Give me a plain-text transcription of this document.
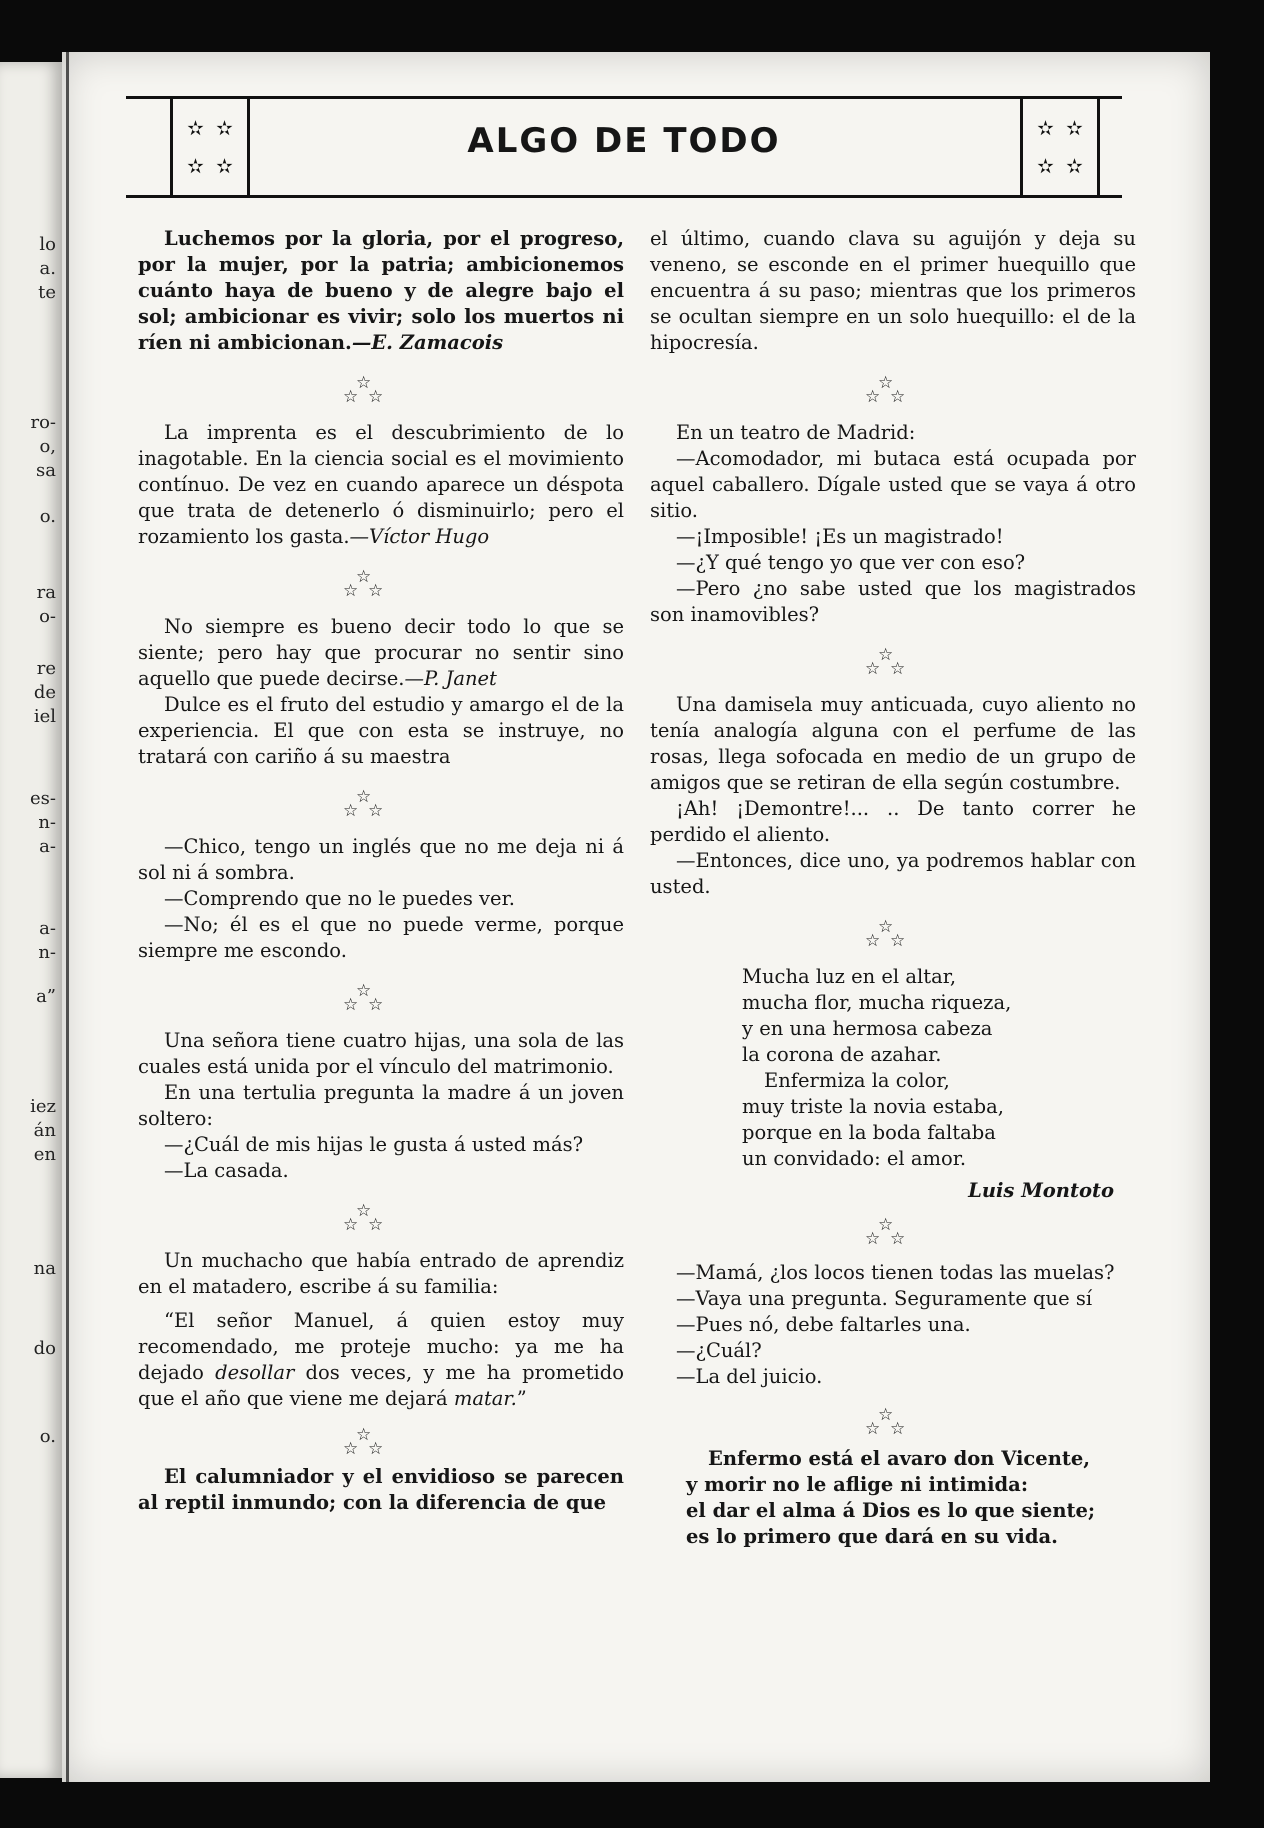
lo
a.
te
ro-
o,
sa
o.
ra
o-
re
de
iel
es-
n-
a-
a-
n-
a”
iez
án
en
na
do
o.
✫ ✫
✫ ✫
ALGO DE TODO	✫ ✫
✫ ✫

Luchemos por la gloria, por el progreso, por la mujer, por la patria; ambicionemos cuánto haya de bueno y de alegre bajo el sol; ambicionar es vivir; solo los muertos ni ríen ni ambicionan.—E. Zamacois

☆
☆ ☆

La imprenta es el descubrimiento de lo inagotable. En la ciencia social es el movimiento contínuo. De vez en cuando aparece un déspota que trata de detenerlo ó disminuirlo; pero el rozamiento los gasta.—Víctor Hugo

☆
☆ ☆

No siempre es bueno decir todo lo que se siente; pero hay que procurar no sentir sino aquello que puede decirse.—P. Janet

Dulce es el fruto del estudio y amargo el de la experiencia. El que con esta se instruye, no tratará con cariño á su maestra

☆
☆ ☆

—Chico, tengo un inglés que no me deja ni á sol ni á sombra.

—Comprendo que no le puedes ver.

—No; él es el que no puede verme, porque siempre me escondo.

☆
☆ ☆

Una señora tiene cuatro hijas, una sola de las cuales está unida por el vínculo del matrimonio.

En una tertulia pregunta la madre á un joven soltero:

—¿Cuál de mis hijas le gusta á usted más?

—La casada.

☆
☆ ☆

Un muchacho que había entrado de aprendiz en el matadero, escribe á su familia:

“El señor Manuel, á quien estoy muy recomendado, me proteje mucho: ya me ha dejado desollar dos veces, y me ha prometido que el año que viene me dejará matar.”

☆
☆ ☆

El calumniador y el envidioso se parecen al reptil inmundo; con la diferencia de que

el último, cuando clava su aguijón y deja su veneno, se esconde en el primer huequillo que encuentra á su paso; mientras que los primeros se ocultan siempre en un solo huequillo: el de la hipocresía.

☆
☆ ☆

En un teatro de Madrid:

—Acomodador, mi butaca está ocupada por aquel caballero. Dígale usted que se vaya á otro sitio.

—¡Imposible! ¡Es un magistrado!

—¿Y qué tengo yo que ver con eso?

—Pero ¿no sabe usted que los magistrados son inamovibles?

☆
☆ ☆

Una damisela muy anticuada, cuyo aliento no tenía analogía alguna con el perfume de las rosas, llega sofocada en medio de un grupo de amigos que se retiran de ella según costumbre.

¡Ah! ¡Demontre!... .. De tanto correr he perdido el aliento.

—Entonces, dice uno, ya podremos hablar con usted.

☆
☆ ☆
Mucha luz en el altar,
mucha flor, mucha riqueza,
y en una hermosa cabeza
la corona de azahar.
Enfermiza la color,
muy triste la novia estaba,
porque en la boda faltaba
un convidado: el amor.
Luis Montoto
☆
☆ ☆

—Mamá, ¿los locos tienen todas las muelas?

—Vaya una pregunta. Seguramente que sí

—Pues nó, debe faltarles una.

—¿Cuál?

—La del juicio.

☆
☆ ☆
Enfermo está el avaro don Vicente,
y morir no le aflige ni intimida:
el dar el alma á Dios es lo que siente;
es lo primero que dará en su vida.
